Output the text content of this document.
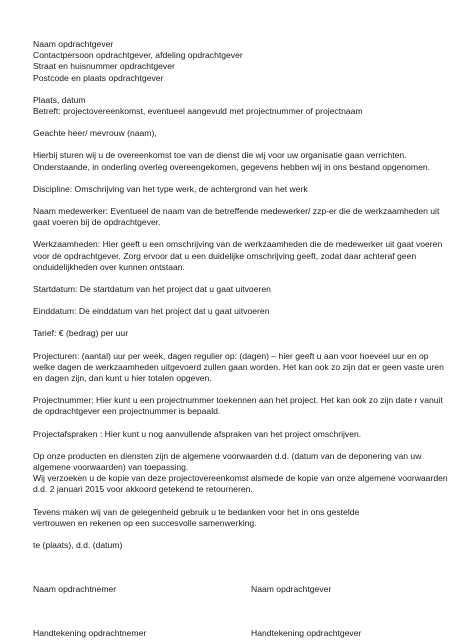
Naam opdrachtgever
Contactpersoon opdrachtgever, afdeling opdrachtgever
Straat en huisnummer opdrachtgever
Postcode en plaats opdrachtgever
Plaats, datum
Betreft: projectovereenkomst, eventueel aangevuld met projectnummer of projectnaam
Geachte heer/ mevrouw (naam),
Hierbij sturen wij u de overeenkomst toe van de dienst die wij voor uw organisatie gaan verrichten.
Onderstaande, in onderling overleg overeengekomen, gegevens hebben wij in ons bestand opgenomen.
Discipline: Omschrijving van het type werk, de achtergrond van het werk
Naam medewerker: Eventueel de naam van de betreffende medewerker/ zzp-er die de werkzaamheden uit
gaat voeren bij de opdrachtgever.
Werkzaamheden: Hier geeft u een omschrijving van de werkzaamheden die de medewerker uit gaat voeren
voor de opdrachtgever. Zorg ervoor dat u een duidelijke omschrijving geeft, zodat daar achteraf geen
onduidelijkheden over kunnen ontstaan.
Startdatum: De startdatum van het project dat u gaat uitvoeren
Einddatum: De einddatum van het project dat u gaat uitvoeren
Tarief: € (bedrag) per uur
Projecturen: (aantal) uur per week, dagen regulier op: (dagen) – hier geeft u aan voor hoeveel uur en op
welke dagen de werkzaamheden uitgevoerd zullen gaan worden. Het kan ook zo zijn dat er geen vaste uren
en dagen zijn, dan kunt u hier totalen opgeven.
Projectnummer: Hier kunt u een projectnummer toekennen aan het project. Het kan ook zo zijn date r vanuit
de opdrachtgever een projectnummer is bepaald.
Projectafspraken : Hier kunt u nog aanvullende afspraken van het project omschrijven.
Op onze producten en diensten zijn de algemene voorwaarden d.d. (datum van de deponering van uw
algemene voorwaarden) van toepassing.
Wij verzoeken u de kopie van deze projectovereenkomst alsmede de kopie van onze algemene voorwaarden
d.d. 2 januari 2015 voor akkoord getekend te retourneren.
Tevens maken wij van de gelegenheid gebruik u te bedanken voor het in ons gestelde
vertrouwen en rekenen op een succesvolle samenwerking.
te (plaats), d.d. (datum)
Naam opdrachtnemer	Naam opdrachtgever
Handtekening opdrachtnemer	Handtekening opdrachtgever
